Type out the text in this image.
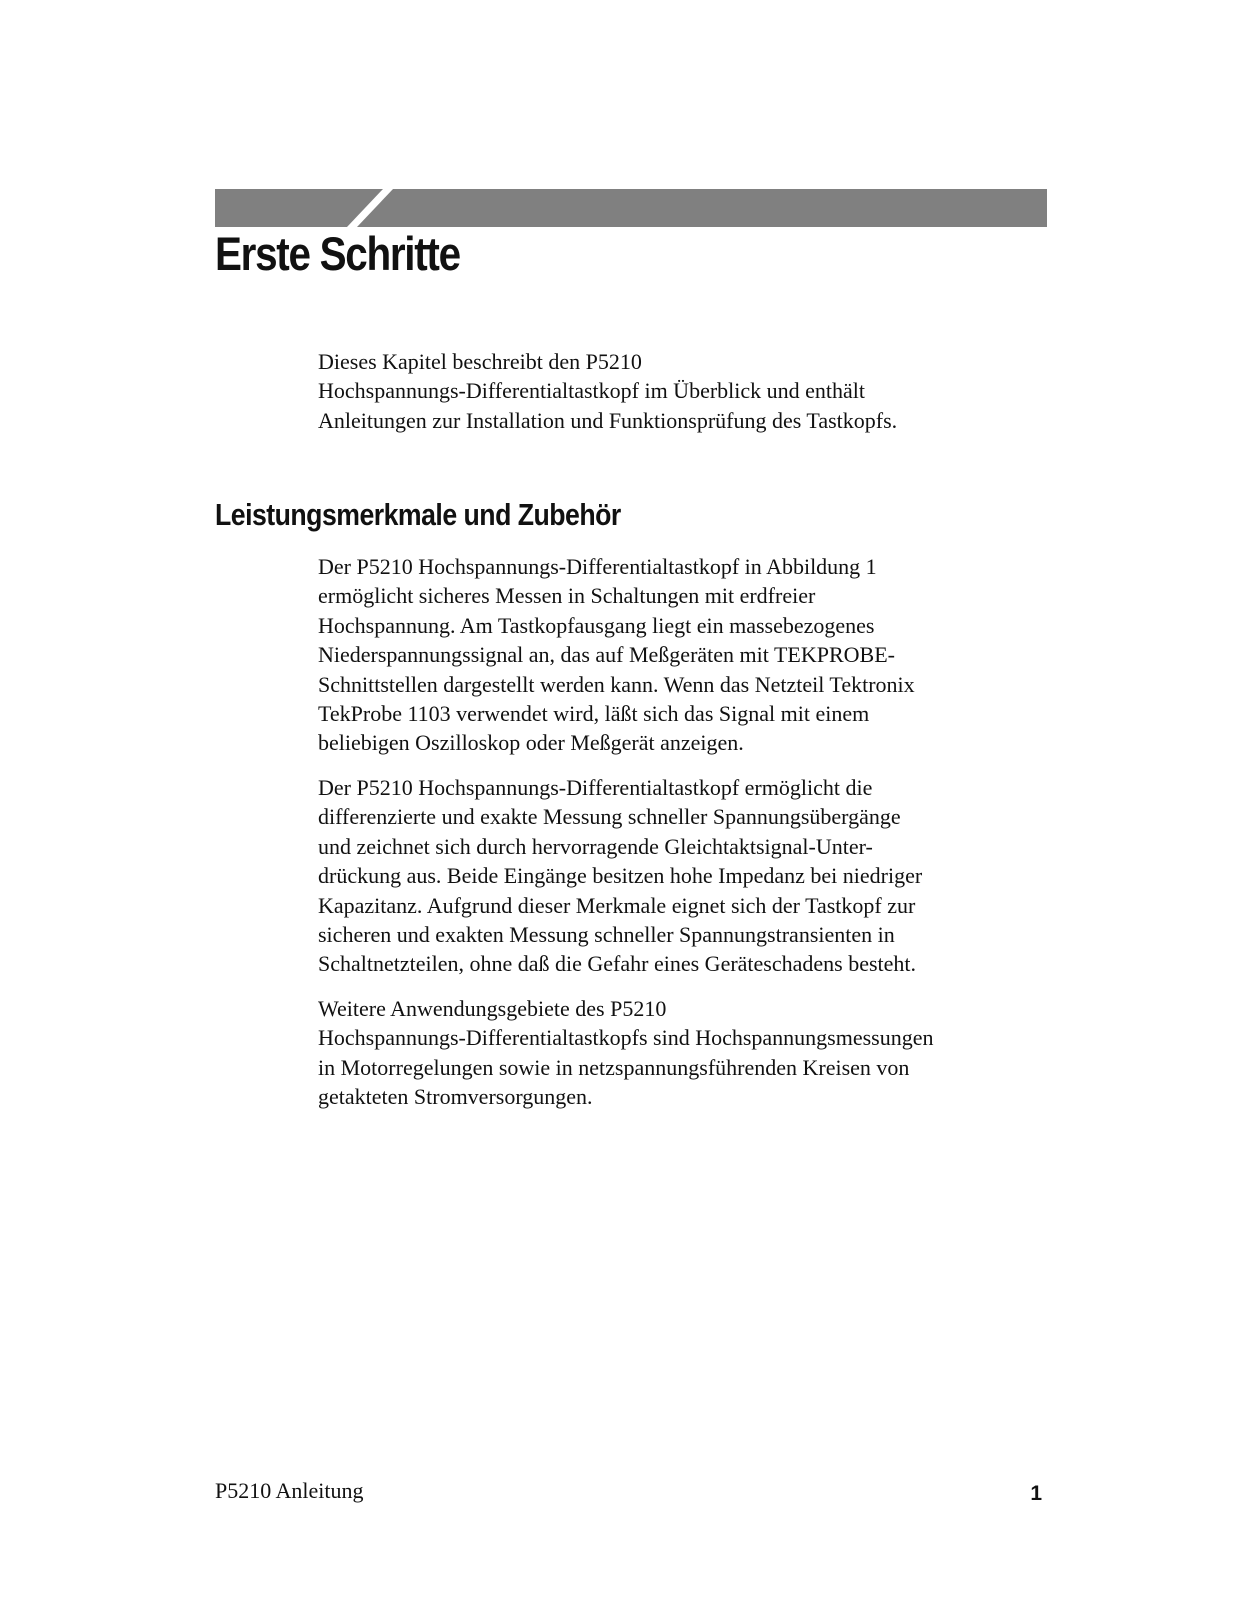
Erste Schritte

Dieses Kapitel beschreibt den P5210
Hochspannungs-Differentialtastkopf im Überblick und enthält
Anleitungen zur Installation und Funktionsprüfung des Tastkopfs.

Leistungsmerkmale und Zubehör

Der P5210 Hochspannungs-Differentialtastkopf in Abbildung 1
ermöglicht sicheres Messen in Schaltungen mit erdfreier
Hochspannung. Am Tastkopfausgang liegt ein massebezogenes
Niederspannungssignal an, das auf Meßgeräten mit TEKPROBE-
Schnittstellen dargestellt werden kann. Wenn das Netzteil Tektronix
TekProbe 1103 verwendet wird, läßt sich das Signal mit einem
beliebigen Oszilloskop oder Meßgerät anzeigen.

Der P5210 Hochspannungs-Differentialtastkopf ermöglicht die
differenzierte und exakte Messung schneller Spannungsübergänge
und zeichnet sich durch hervorragende Gleichtaktsignal-Unter-
drückung aus. Beide Eingänge besitzen hohe Impedanz bei niedriger
Kapazitanz. Aufgrund dieser Merkmale eignet sich der Tastkopf zur
sicheren und exakten Messung schneller Spannungstransienten in
Schaltnetzteilen, ohne daß die Gefahr eines Geräteschadens besteht.

Weitere Anwendungsgebiete des P5210
Hochspannungs-Differentialtastkopfs sind Hochspannungsmessungen
in Motorregelungen sowie in netzspannungsführenden Kreisen von
getakteten Stromversorgungen.

P5210 Anleitung	1
